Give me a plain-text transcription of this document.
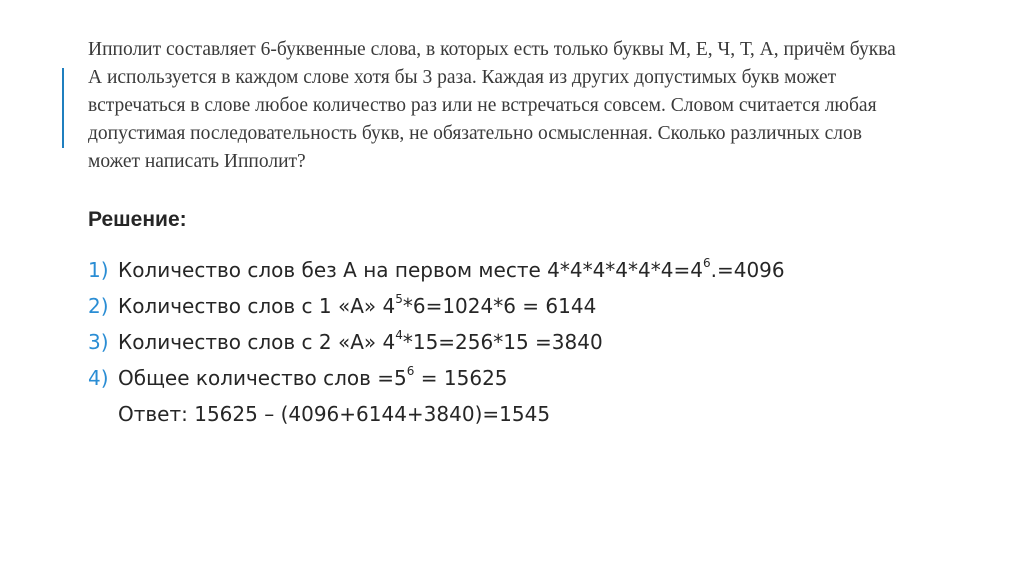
Ипполит составляет 6-буквенные слова, в которых есть только буквы М, Е, Ч, Т, А, причём буква
А используется в каждом слове хотя бы 3 раза. Каждая из других допустимых букв может
встречаться в слове любое количество раз или не встречаться совсем. Словом считается любая
допустимая последовательность букв, не обязательно осмысленная. Сколько различных слов
может написать Ипполит?
Решение:
1) Количество слов без А на первом месте $4*4*4*4*4*4=4^6.=4096$
2) Количество слов с 1 «А» $4^5*6=1024*6 = 6144$
3) Количество слов с 2 «А» $4^4*15=256*15 =3840$
4) Общее количество слов $=5^6 = 15625$
Ответ: 15625 – (4096+6144+3840)=1545
